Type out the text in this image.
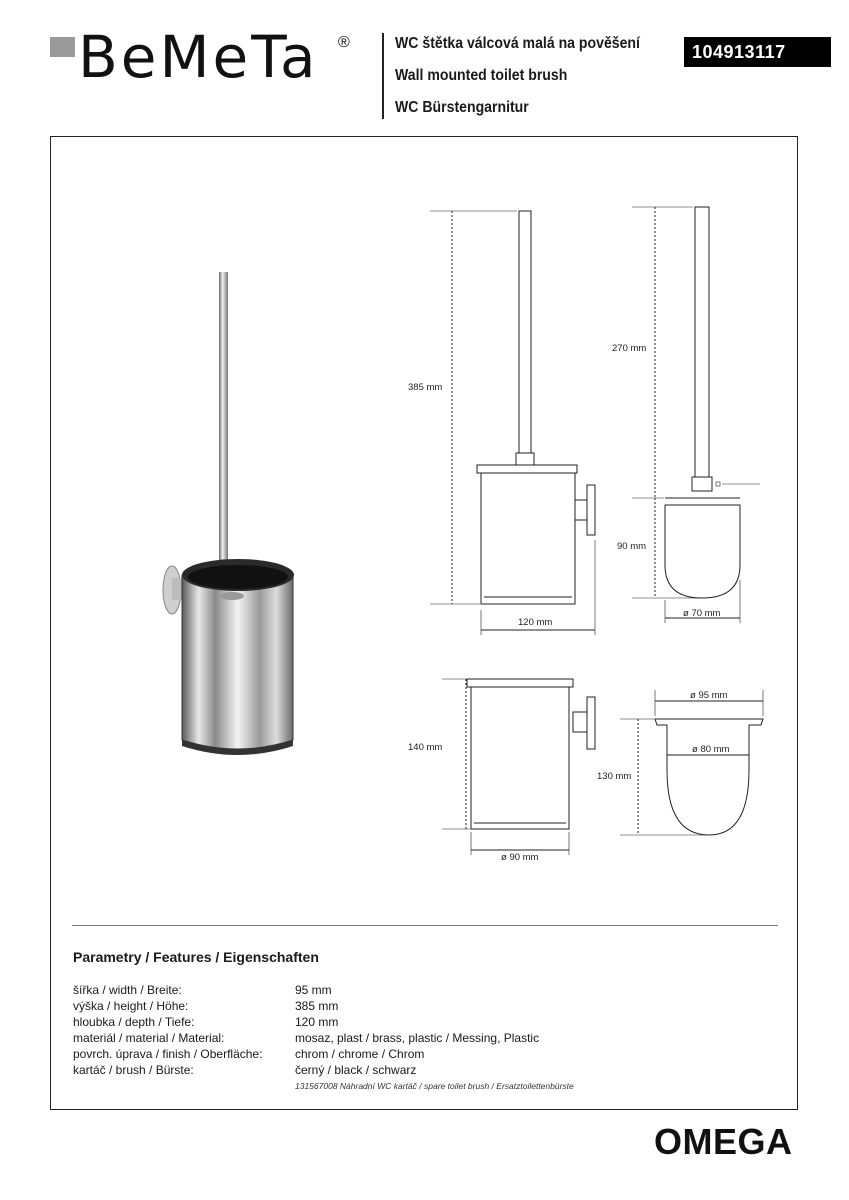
BeMeTa ®	WC štětka válcová malá na pověšení
Wall mounted toilet brush
WC Bürstengarnitur
104913117
385 mm
120 mm
270 mm
90 mm
ø 70 mm
140 mm
ø 90 mm
ø 95 mm
ø 80 mm
130 mm
Parametry / Features / Eigenschaften
šířka / width / Breite:	95 mm
výška / height / Höhe:	385 mm
hloubka / depth / Tiefe:	120 mm
materiál / material / Material:	mosaz, plast / brass, plastic / Messing, Plastic
povrch. úprava / finish / Oberfläche:	chrom / chrome / Chrom
kartáč / brush / Bürste:	černý / black / schwarz
131567008 Náhradní WC kartáč / spare toilet brush / Ersatztoilettenbürste
OMEGA
